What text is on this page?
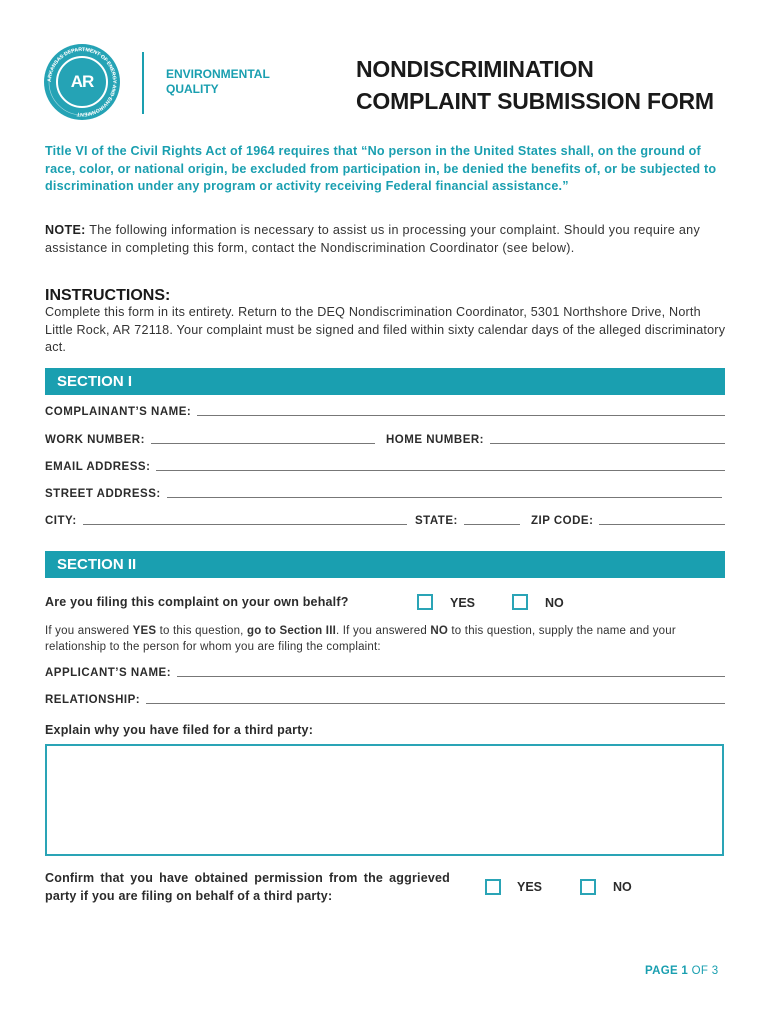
ARKANSAS DEPARTMENT OF ENERGY AND ENVIRONMENT
AR	ENVIRONMENTAL
QUALITY
NONDISCRIMINATION
COMPLAINT SUBMISSION FORM
Title VI of the Civil Rights Act of 1964 requires that “No person in the United States shall, on the ground of race, color, or national origin, be excluded from participation in, be denied the benefits of, or be subjected to discrimination under any program or activity receiving Federal financial assistance.”
NOTE: The following information is necessary to assist us in processing your complaint. Should you require any assistance in completing this form, contact the Nondiscrimination Coordinator (see below).
INSTRUCTIONS:
Complete this form in its entirety. Return to the DEQ Nondiscrimination Coordinator, 5301 Northshore Drive, North Little Rock, AR 72118. Your complaint must be signed and filed within sixty calendar days of the alleged discriminatory act.
SECTION I
COMPLAINANT’S NAME:
WORK NUMBER:	HOME NUMBER:
EMAIL ADDRESS:
STREET ADDRESS:
CITY:	STATE:	ZIP CODE:
SECTION II
Are you filing this complaint on your own behalf?	YES	NO
If you answered YES to this question, go to Section III. If you answered NO to this question, supply the name and your relationship to the person for whom you are filing the complaint:
APPLICANT’S NAME:
RELATIONSHIP:
Explain why you have filed for a third party:
Confirm that you have obtained permission from the aggrieved party if you are filing on behalf of a third party:
YES	NO
PAGE 1 OF 3
